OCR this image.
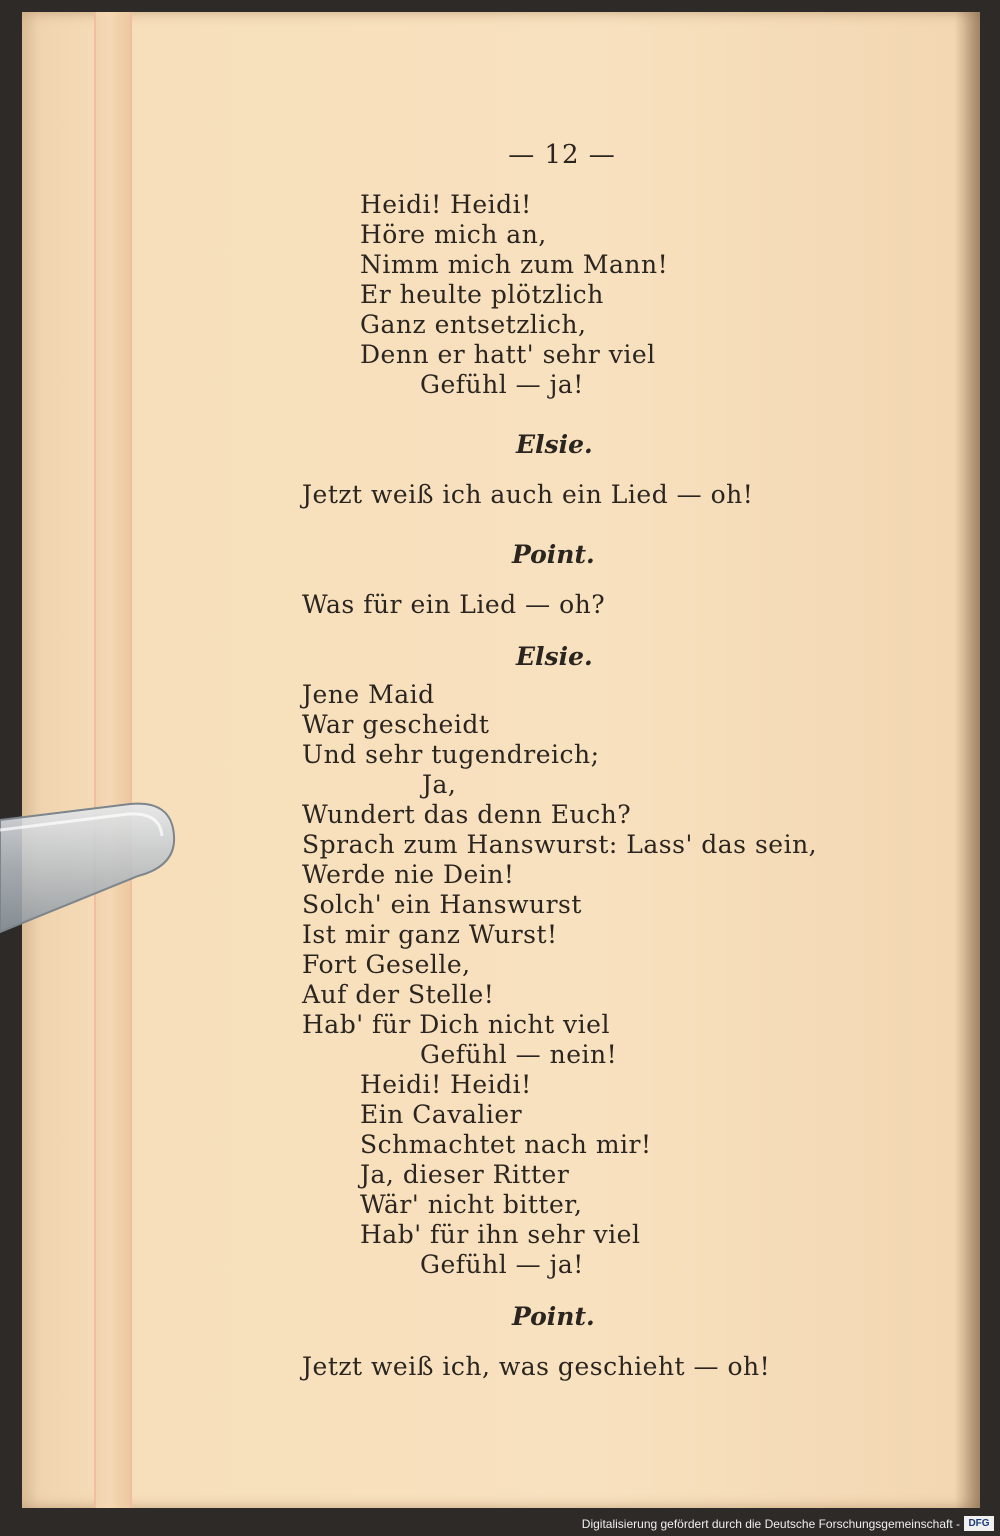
— 12 —
Heidi! Heidi!
Höre mich an,
Nimm mich zum Mann!
Er heulte plötzlich
Ganz entsetzlich,
Denn er hatt' sehr viel
Gefühl — ja!
Elsie.
Jetzt weiß ich auch ein Lied — oh!
Point.
Was für ein Lied — oh?
Elsie.
Jene Maid
War gescheidt
Und sehr tugendreich;
Ja,
Wundert das denn Euch?
Sprach zum Hanswurst: Lass' das sein,
Werde nie Dein!
Solch' ein Hanswurst
Ist mir ganz Wurst!
Fort Geselle,
Auf der Stelle!
Hab' für Dich nicht viel
Gefühl — nein!
Heidi! Heidi!
Ein Cavalier
Schmachtet nach mir!
Ja, dieser Ritter
Wär' nicht bitter,
Hab' für ihn sehr viel
Gefühl — ja!
Point.
Jetzt weiß ich, was geschieht — oh!
Digitalisierung gefördert durch die Deutsche Forschungsgemeinschaft - DFG
